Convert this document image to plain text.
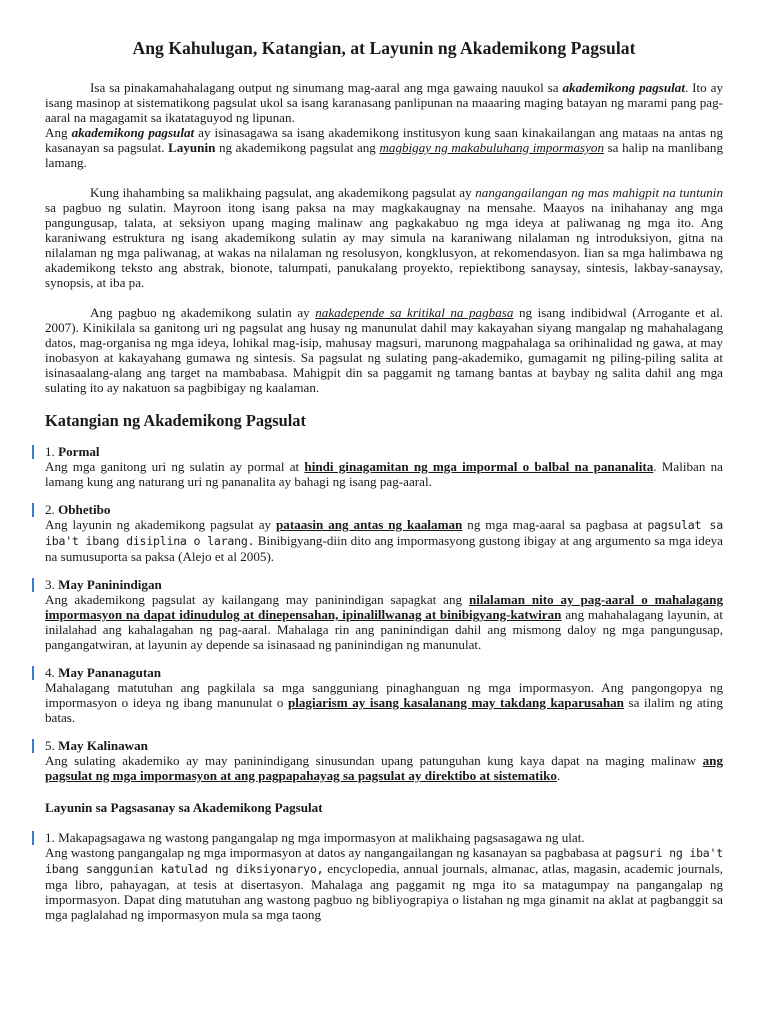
Ang Kahulugan, Katangian, at Layunin ng Akademikong Pagsulat

Isa sa pinakamahahalagang output ng sinumang mag-aaral ang mga gawaing nauukol sa akademikong pagsulat. Ito ay isang masinop at sistematikong pagsulat ukol sa isang karanasang panlipunan na maaaring maging batayan ng marami pang pag-aaral na magagamit sa ikatataguyod ng lipunan.

Ang akademikong pagsulat ay isinasagawa sa isang akademikong institusyon kung saan kinakailangan ang mataas na antas ng kasanayan sa pagsulat. Layunin ng akademikong pagsulat ang magbigay ng makabuluhang impormasyon sa halip na manlibang lamang.

Kung ihahambing sa malikhaing pagsulat, ang akademikong pagsulat ay nangangailangan ng mas mahigpit na tuntunin sa pagbuo ng sulatin. Mayroon itong isang paksa na may magkakaugnay na mensahe. Maayos na inihahanay ang mga pangungusap, talata, at seksiyon upang maging malinaw ang pagkakabuo ng mga ideya at paliwanag ng mga ito. Ang karaniwang estruktura ng isang akademikong sulatin ay may simula na karaniwang nilalaman ng introduksiyon, gitna na nilalaman ng mga paliwanag, at wakas na nilalaman ng resolusyon, kongklusyon, at rekomendasyon. Iian sa mga halimbawa ng akademikong teksto ang abstrak, bionote, talumpati, panukalang proyekto, repiektibong sanaysay, sintesis, lakbay-sanaysay, synopsis, at iba pa.

Ang pagbuo ng akademikong sulatin ay nakadepende sa kritikal na pagbasa ng isang indibidwal (Arrogante et al. 2007). Kinikilala sa ganitong uri ng pagsulat ang husay ng manunulat dahil may kakayahan siyang mangalap ng mahahalagang datos, mag-organisa ng mga ideya, lohikal mag-isip, mahusay magsuri, marunong magpahalaga sa orihinalidad ng gawa, at may inobasyon at kakayahang gumawa ng sintesis. Sa pagsulat ng sulating pang-akademiko, gumagamit ng piling-piling salita at isinasaalang-alang ang target na mambabasa. Mahigpit din sa paggamit ng tamang bantas at baybay ng salita dahil ang mga sulating ito ay nakatuon sa pagbibigay ng kaalaman.

Katangian ng Akademikong Pagsulat
1. Pormal

Ang mga ganitong uri ng sulatin ay pormal at hindi ginagamitan ng mga impormal o balbal na pananalita. Maliban na lamang kung ang naturang uri ng pananalita ay bahagi ng isang pag-aaral.

2. Obhetibo

Ang layunin ng akademikong pagsulat ay pataasin ang antas ng kaalaman ng mga mag-aaral sa pagbasa at pagsulat sa iba't ibang disiplina o larang. Binibigyang-diin dito ang impormasyong gustong ibigay at ang argumento sa mga ideya na sumusuporta sa paksa (Alejo et al 2005).

3. May Paninindigan

Ang akademikong pagsulat ay kailangang may paninindigan sapagkat ang nilalaman nito ay pag-aaral o mahalagang impormasyon na dapat idinudulog at dinepensahan, ipinalillwanag at binibigyang-katwiran ang mahahalagang layunin, at inilalahad ang kahalagahan ng pag-aaral. Mahalaga rin ang paninindigan dahil ang mismong daloy ng mga pangungusap, pangangatwiran, at layunin ay depende sa isinasaad ng paninindigan ng manunulat.

4. May Pananagutan

Mahalagang matutuhan ang pagkilala sa mga sangguniang pinaghanguan ng mga impormasyon. Ang pangongopya ng impormasyon o ideya ng ibang manunulat o plagiarism ay isang kasalanang may takdang kaparusahan sa ilalim ng ating batas.

5. May Kalinawan

Ang sulating akademiko ay may paninindigang sinusundan upang patunguhan kung kaya dapat na maging malinaw ang pagsulat ng mga impormasyon at ang pagpapahayag sa pagsulat ay direktibo at sistematiko.

Layunin sa Pagsasanay sa Akademikong Pagsulat
1. Makapagsagawa ng wastong pangangalap ng mga impormasyon at malikhaing pagsasagawa ng ulat.

Ang wastong pangangalap ng mga impormasyon at datos ay nangangailangan ng kasanayan sa pagbabasa at pagsuri ng iba't ibang sanggunian katulad ng diksiyonaryo, encyclopedia, annual journals, almanac, atlas, magasin, academic journals, mga libro, pahayagan, at tesis at disertasyon. Mahalaga ang paggamit ng mga ito sa matagumpay na pangangalap ng impormasyon. Dapat ding matutuhan ang wastong pagbuo ng bibliyograpiya o listahan ng mga ginamit na aklat at pagbanggit sa mga paglalahad ng impormasyon mula sa mga taong
